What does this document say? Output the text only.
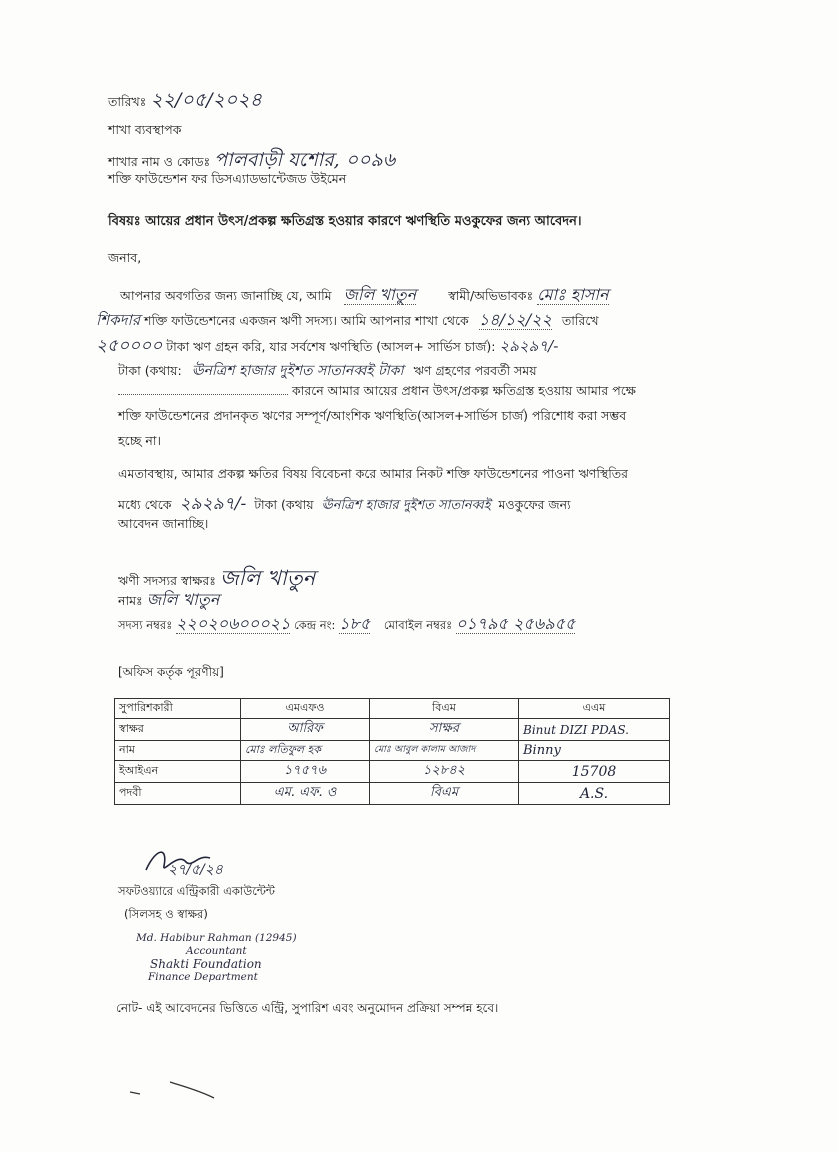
তারিখঃ ২২/০৫/২০২৪
শাখা ব্যবস্থাপক
শাখার নাম ও কোডঃ পালবাড়ী যশোর, ০০৯৬
শক্তি ফাউন্ডেশন ফর ডিসএ্যাডভান্টেজড উইমেন
বিষয়ঃ আয়ের প্রধান উৎস/প্রকল্প ক্ষতিগ্রস্ত হওয়ার কারণে ঋণস্থিতি মওকুফের জন্য আবেদন।
জনাব,
আপনার অবগতির জন্য জানাচ্ছি যে, আমি জলি খাতুন	স্বামী/অভিভাবকঃ মোঃ হাসান
শিকদার শক্তি ফাউন্ডেশনের একজন ঋণী সদস্য। আমি আপনার শাখা থেকে ১৪/১২/২২ তারিখে
২৫০০০০ টাকা ঋণ গ্রহন করি, যার সর্বশেষ ঋণস্থিতি (আসল+ সার্ভিস চার্জ): ২৯২৯৭/-
টাকা (কথায়: ঊনত্রিশ হাজার দুইশত সাতানব্বই টাকা ঋণ গ্রহণের পরবর্তী সময়
কারনে আমার আয়ের প্রধান উৎস/প্রকল্প ক্ষতিগ্রস্ত হওয়ায় আমার পক্ষে
শক্তি ফাউন্ডেশনের প্রদানকৃত ঋণের সম্পূর্ণ/আংশিক ঋণস্থিতি(আসল+সার্ভিস চার্জ) পরিশোধ করা সম্ভব
হচ্ছে না।
এমতাবস্থায়, আমার প্রকল্প ক্ষতির বিষয় বিবেচনা করে আমার নিকট শক্তি ফাউন্ডেশনের পাওনা ঋণস্থিতির
মধ্যে থেকে ২৯২৯৭/- টাকা (কথায় ঊনত্রিশ হাজার দুইশত সাতানব্বই মওকুফের জন্য
আবেদন জানাচ্ছি।
ঋণী সদস্যর স্বাক্ষরঃ জলি খাতুন
নামঃ জলি খাতুন
সদস্য নম্বরঃ ২২০২০৬০০০২১ কেন্দ্র নং: ১৮৫ মোবাইল নম্বরঃ ০১৭৯৫ ২৫৬৯৫৫
[অফিস কর্তৃক পূরণীয়]
সুপারিশকারী	এমএফও	বিএম	এএম
স্বাক্ষর	আরিফ	সাক্ষর	Binut DIZI PDAS.
নাম	মোঃ লতিফুল হক	মোঃ আবুল কালাম আজাদ	Binny
ইআইএন	১৭৫৭৬	১২৮৪২	15708
পদবী	এম. এফ. ও	বিএম	A.S.
২৭/৫/২৪
সফটওয়্যারে এন্ট্রিকারী একাউন্টেন্ট
(সিলসহ ও স্বাক্ষর)
Md. Habibur Rahman (12945)
Accountant
Shakti Foundation
Finance Department
নোট- এই আবেদনের ভিত্তিতে এন্ট্রি, সুপারিশ এবং অনুমোদন প্রক্রিয়া সম্পন্ন হবে।
